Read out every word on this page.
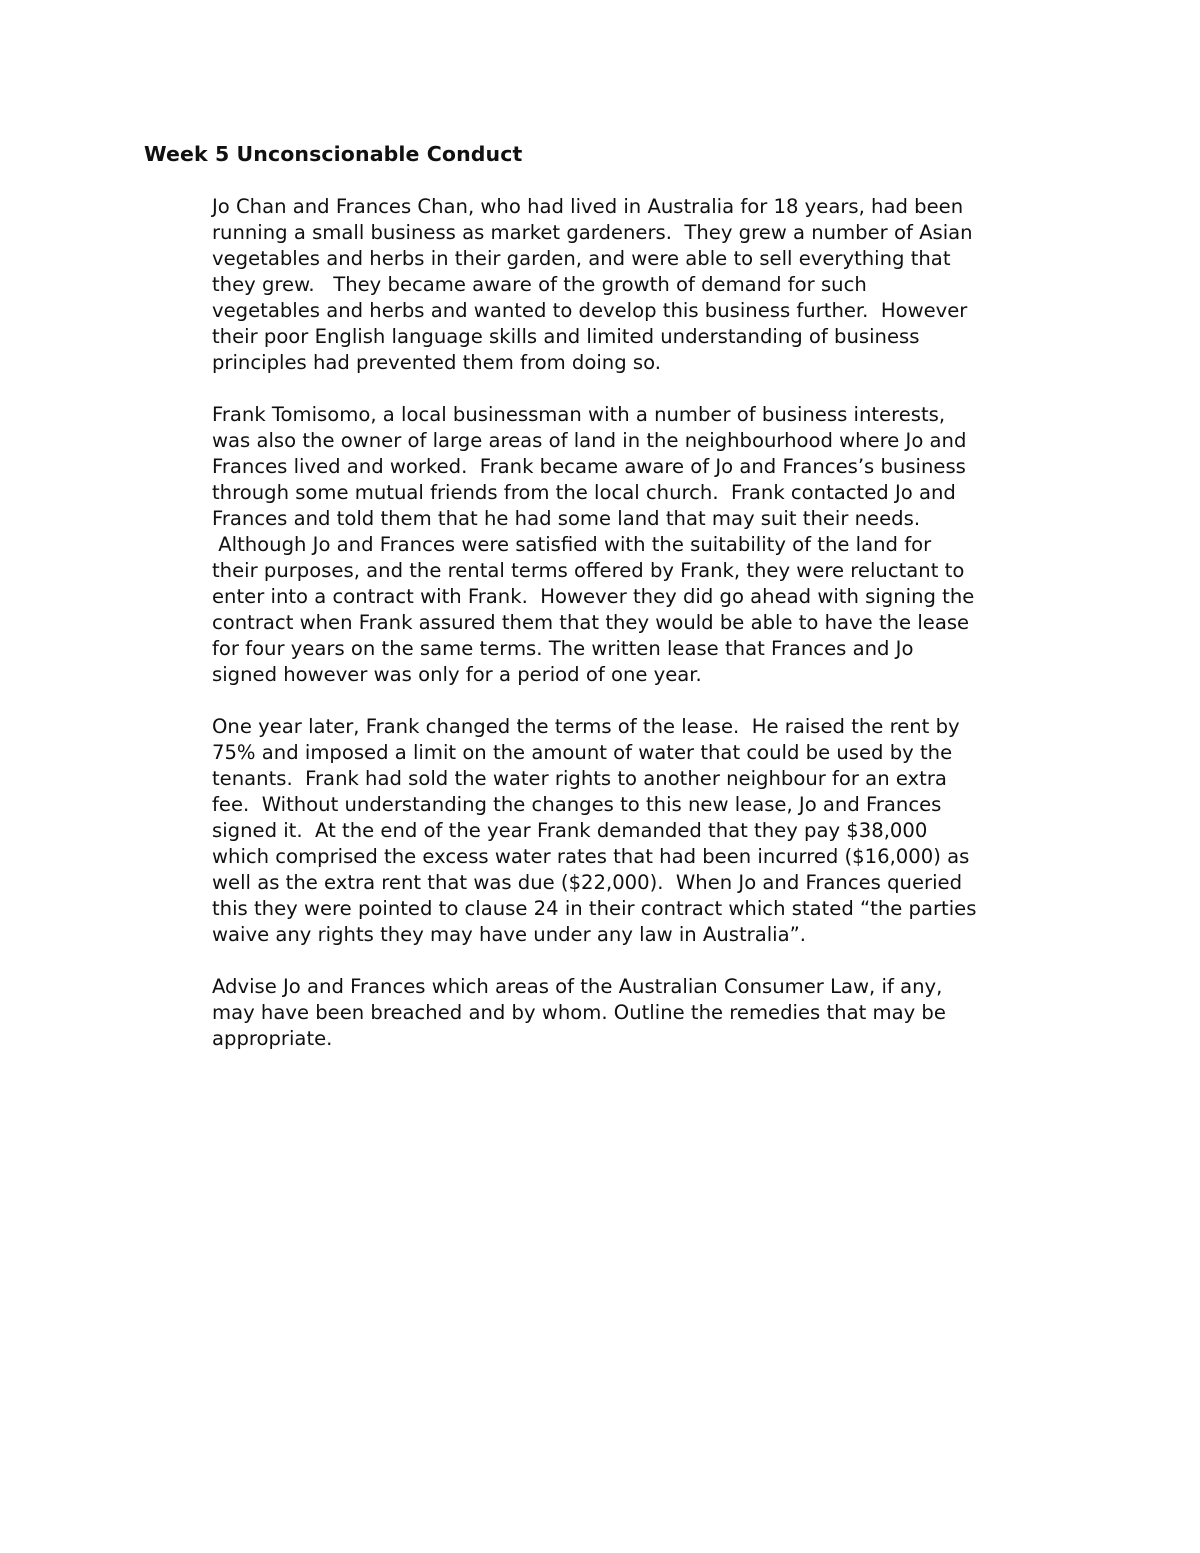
Week 5 Unconscionable Conduct

Jo Chan and Frances Chan, who had lived in Australia for 18 years, had been
running a small business as market gardeners.  They grew a number of Asian
vegetables and herbs in their garden, and were able to sell everything that
they grew.   They became aware of the growth of demand for such
vegetables and herbs and wanted to develop this business further.  However
their poor English language skills and limited understanding of business
principles had prevented them from doing so.

Frank Tomisomo, a local businessman with a number of business interests,
was also the owner of large areas of land in the neighbourhood where Jo and
Frances lived and worked.  Frank became aware of Jo and Frances’s business
through some mutual friends from the local church.  Frank contacted Jo and
Frances and told them that he had some land that may suit their needs.
Although Jo and Frances were satisfied with the suitability of the land for
their purposes, and the rental terms offered by Frank, they were reluctant to
enter into a contract with Frank.  However they did go ahead with signing the
contract when Frank assured them that they would be able to have the lease
for four years on the same terms. The written lease that Frances and Jo
signed however was only for a period of one year.

One year later, Frank changed the terms of the lease.  He raised the rent by
75% and imposed a limit on the amount of water that could be used by the
tenants.  Frank had sold the water rights to another neighbour for an extra
fee.  Without understanding the changes to this new lease, Jo and Frances
signed it.  At the end of the year Frank demanded that they pay $38,000
which comprised the excess water rates that had been incurred ($16,000) as
well as the extra rent that was due ($22,000).  When Jo and Frances queried
this they were pointed to clause 24 in their contract which stated “the parties
waive any rights they may have under any law in Australia”.

Advise Jo and Frances which areas of the Australian Consumer Law, if any,
may have been breached and by whom. Outline the remedies that may be
appropriate.
